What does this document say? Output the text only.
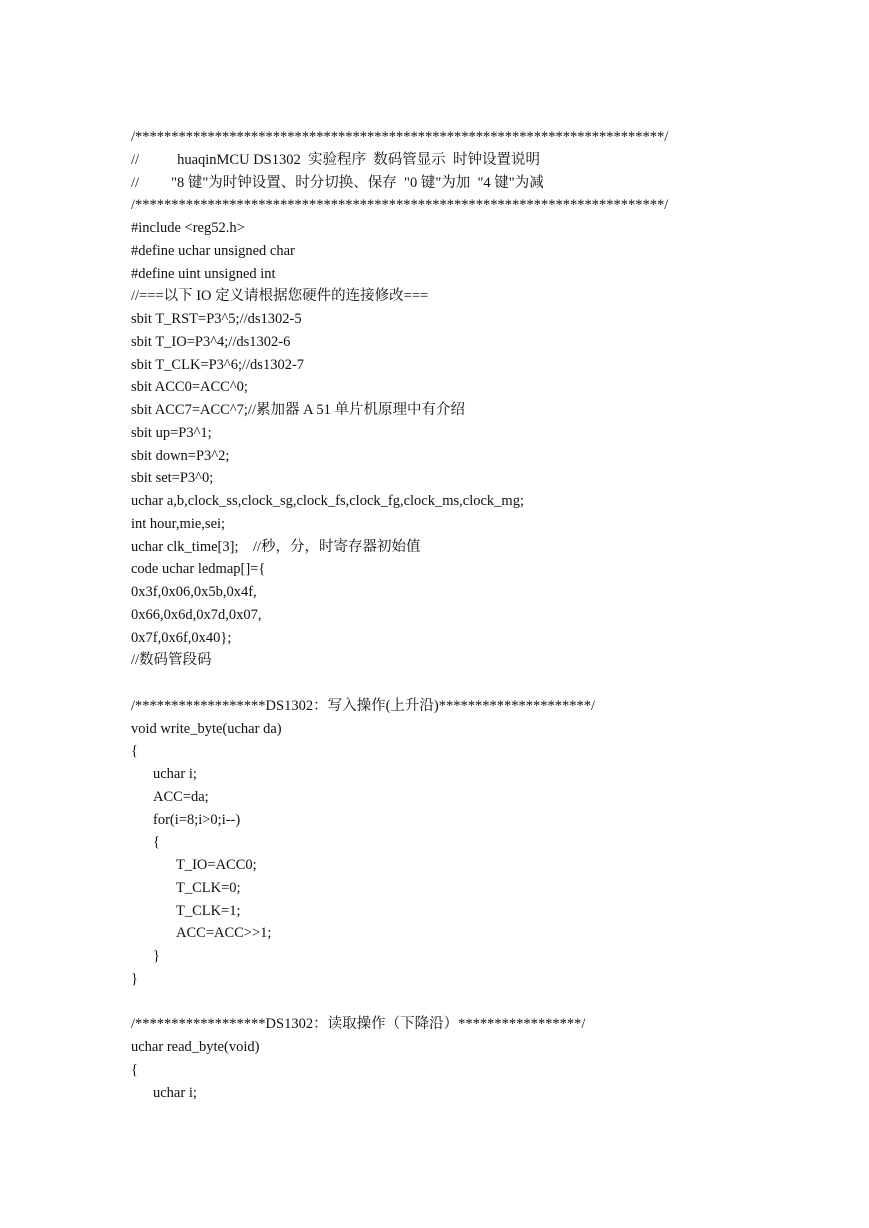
/*************************************************************************/
//	huaqinMCU DS1302  实验程序  数码管显示  时钟设置说明
// "8 键"为时钟设置、时分切换、保存  "0 键"为加  "4 键"为减
/*************************************************************************/
#include <reg52.h>
#define uchar unsigned char
#define uint unsigned int
//===以下 IO 定义请根据您硬件的连接修改===
sbit T_RST=P3^5;//ds1302-5
sbit T_IO=P3^4;//ds1302-6
sbit T_CLK=P3^6;//ds1302-7
sbit ACC0=ACC^0;
sbit ACC7=ACC^7;//累加器 A 51 单片机原理中有介绍
sbit up=P3^1;
sbit down=P3^2;
sbit set=P3^0;
uchar a,b,clock_ss,clock_sg,clock_fs,clock_fg,clock_ms,clock_mg;
int hour,mie,sei;
uchar clk_time[3];    //秒，分，时寄存器初始值
code uchar ledmap[]={
0x3f,0x06,0x5b,0x4f,
0x66,0x6d,0x7d,0x07,
0x7f,0x6f,0x40};
//数码管段码
/******************DS1302：写入操作(上升沿)*********************/
void write_byte(uchar da)
{
uchar i;
ACC=da;
for(i=8;i>0;i--)
{
T_IO=ACC0;
T_CLK=0;
T_CLK=1;
ACC=ACC>>1;
}
}
/******************DS1302：读取操作（下降沿）*****************/
uchar read_byte(void)
{
uchar i;
